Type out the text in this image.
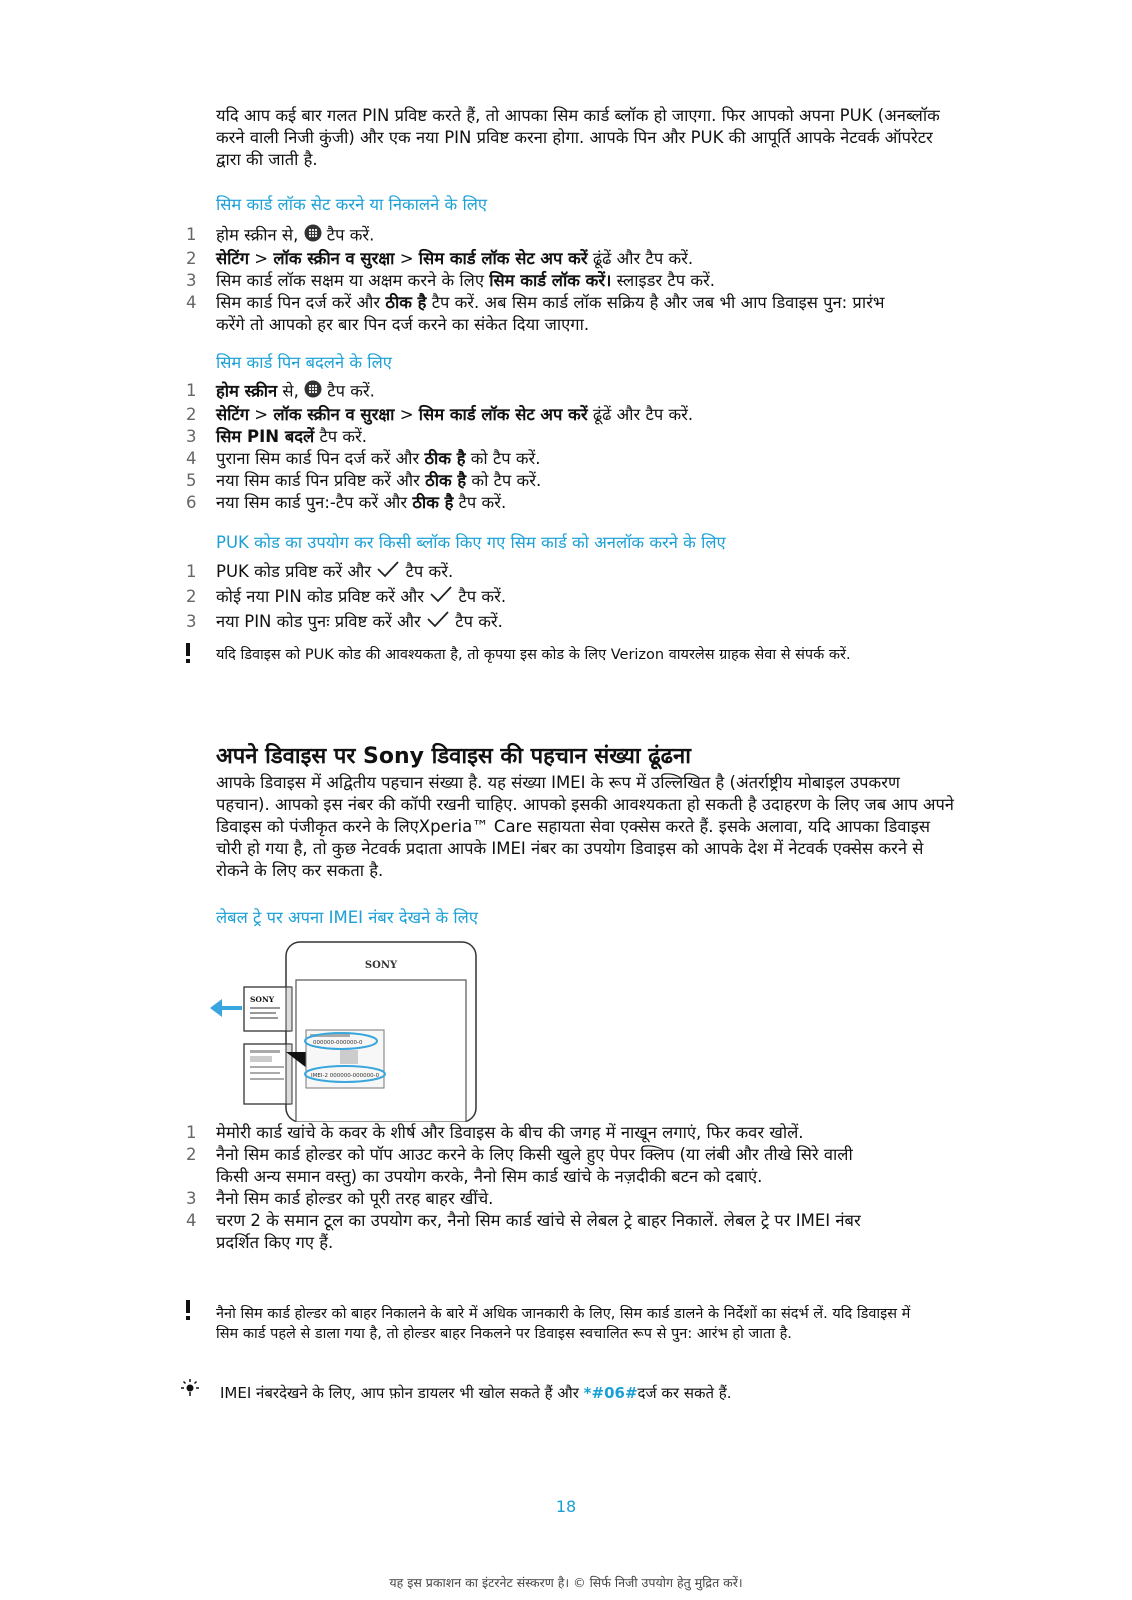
यदि आप कई बार गलत PIN प्रविष्ट करते हैं, तो आपका सिम कार्ड ब्लॉक हो जाएगा. फिर आपको अपना PUK (अनब्लॉक करने वाली निजी कुंजी) और एक नया PIN प्रविष्ट करना होगा. आपके पिन और PUK की आपूर्ति आपके नेटवर्क ऑपरेटर द्वारा की जाती है.

सिम कार्ड लॉक सेट करने या निकालने के लिए

1	होम स्क्रीन से,  टैप करें.
2	सेटिंग > लॉक स्क्रीन व सुरक्षा > सिम कार्ड लॉक सेट अप करें ढूंढें और टैप करें.
3	सिम कार्ड लॉक सक्षम या अक्षम करने के लिए सिम कार्ड लॉक करें। स्लाइडर टैप करें.
4	सिम कार्ड पिन दर्ज करें और ठीक है टैप करें. अब सिम कार्ड लॉक सक्रिय है और जब भी आप डिवाइस पुन: प्रारंभ करेंगे तो आपको हर बार पिन दर्ज करने का संकेत दिया जाएगा.

सिम कार्ड पिन बदलने के लिए

1	होम स्क्रीन से,  टैप करें.
2	सेटिंग > लॉक स्क्रीन व सुरक्षा > सिम कार्ड लॉक सेट अप करें ढूंढें और टैप करें.
3	सिम PIN बदलें टैप करें.
4	पुराना सिम कार्ड पिन दर्ज करें और ठीक है को टैप करें.
5	नया सिम कार्ड पिन प्रविष्ट करें और ठीक है को टैप करें.
6	नया सिम कार्ड पुन:-टैप करें और ठीक है टैप करें.

PUK कोड का उपयोग कर किसी ब्लॉक किए गए सिम कार्ड को अनलॉक करने के लिए

1	PUK कोड प्रविष्ट करें और  टैप करें.
2	कोई नया PIN कोड प्रविष्ट करें और  टैप करें.
3	नया PIN कोड पुनः प्रविष्ट करें और  टैप करें.

यदि डिवाइस को PUK कोड की आवश्यकता है, तो कृपया इस कोड के लिए Verizon वायरलेस ग्राहक सेवा से संपर्क करें.

अपने डिवाइस पर Sony डिवाइस की पहचान संख्या ढूंढना

आपके डिवाइस में अद्वितीय पहचान संख्या है. यह संख्या IMEI के रूप में उल्लिखित है (अंतर्राष्ट्रीय मोबाइल उपकरण पहचान). आपको इस नंबर की कॉपी रखनी चाहिए. आपको इसकी आवश्यकता हो सकती है उदाहरण के लिए जब आप अपने डिवाइस को पंजीकृत करने के लिएXperia™ Care सहायता सेवा एक्सेस करते हैं. इसके अलावा, यदि आपका डिवाइस चोरी हो गया है, तो कुछ नेटवर्क प्रदाता आपके IMEI नंबर का उपयोग डिवाइस को आपके देश में नेटवर्क एक्सेस करने से रोकने के लिए कर सकता है.

लेबल ट्रे पर अपना IMEI नंबर देखने के लिए

SONY
SONY
000000-000000-0
IMEI-2 000000-000000-0
1	मेमोरी कार्ड खांचे के कवर के शीर्ष और डिवाइस के बीच की जगह में नाखून लगाएं, फिर कवर खोलें.
2	नैनो सिम कार्ड होल्डर को पॉप आउट करने के लिए किसी खुले हुए पेपर क्लिप (या लंबी और तीखे सिरे वाली किसी अन्य समान वस्तु) का उपयोग करके, नैनो सिम कार्ड खांचे के नज़दीकी बटन को दबाएं.
3	नैनो सिम कार्ड होल्डर को पूरी तरह बाहर खींचे.
4	चरण 2 के समान टूल का उपयोग कर, नैनो सिम कार्ड खांचे से लेबल ट्रे बाहर निकालें. लेबल ट्रे पर IMEI नंबर प्रदर्शित किए गए हैं.

नैनो सिम कार्ड होल्डर को बाहर निकालने के बारे में अधिक जानकारी के लिए, सिम कार्ड डालने के निर्देशों का संदर्भ लें. यदि डिवाइस में सिम कार्ड पहले से डाला गया है, तो होल्डर बाहर निकलने पर डिवाइस स्वचालित रूप से पुन: आरंभ हो जाता है.

IMEI नंबरदेखने के लिए, आप फ़ोन डायलर भी खोल सकते हैं और *#06#दर्ज कर सकते हैं.

18
यह इस प्रकाशन का इंटरनेट संस्करण है। © सिर्फ निजी उपयोग हेतु मुद्रित करें।
